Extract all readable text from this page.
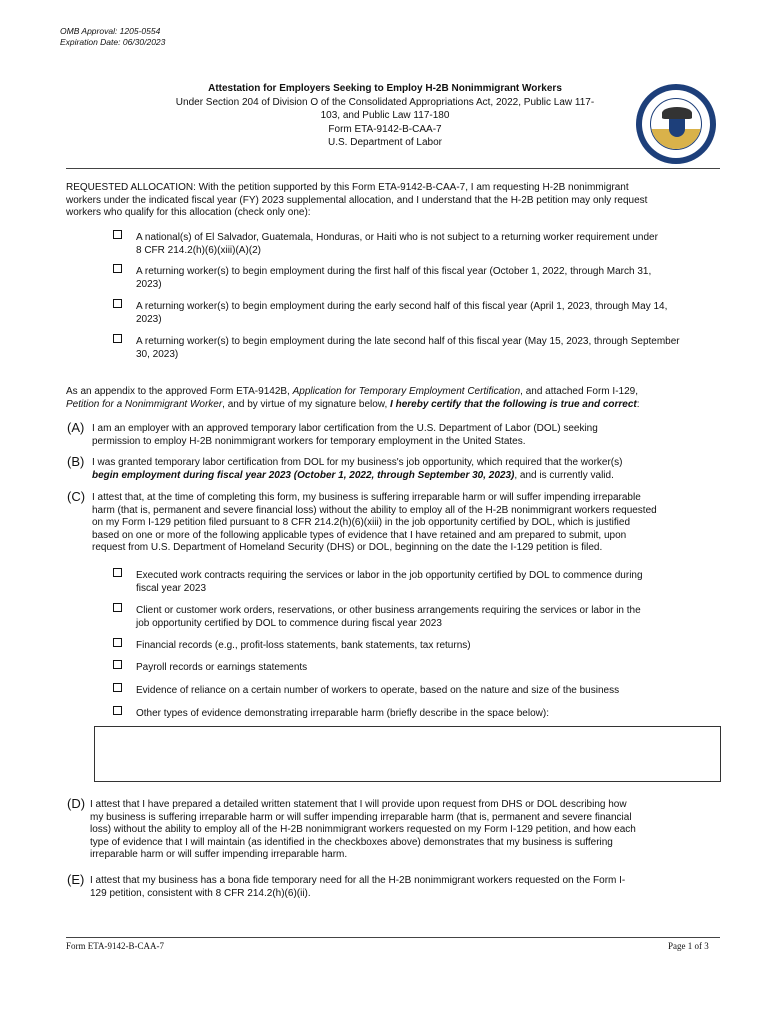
OMB Approval: 1205-0554
Expiration Date: 06/30/2023
Attestation for Employers Seeking to Employ H-2B Nonimmigrant Workers
Under Section 204 of Division O of the Consolidated Appropriations Act, 2022, Public Law 117-
103, and Public Law 117-180
Form ETA-9142-B-CAA-7
U.S. Department of Labor
REQUESTED ALLOCATION: With the petition supported by this Form ETA-9142-B-CAA-7, I am requesting H-2B nonimmigrant
workers under the indicated fiscal year (FY) 2023 supplemental allocation, and I understand that the H-2B petition may only request
workers who qualify for this allocation (check only one):
A national(s) of El Salvador, Guatemala, Honduras, or Haiti who is not subject to a returning worker requirement under
8 CFR 214.2(h)(6)(xiii)(A)(2)
A returning worker(s) to begin employment during the first half of this fiscal year (October 1, 2022, through March 31,
2023)
A returning worker(s) to begin employment during the early second half of this fiscal year (April 1, 2023, through May 14,
2023)
A returning worker(s) to begin employment during the late second half of this fiscal year (May 15, 2023, through September
30, 2023)
As an appendix to the approved Form ETA-9142B, Application for Temporary Employment Certification, and attached Form I-129,
Petition for a Nonimmigrant Worker, and by virtue of my signature below, I hereby certify that the following is true and correct:
(A) I am an employer with an approved temporary labor certification from the U.S. Department of Labor (DOL) seeking
permission to employ H-2B nonimmigrant workers for temporary employment in the United States.
(B) I was granted temporary labor certification from DOL for my business's job opportunity, which required that the worker(s)
begin employment during fiscal year 2023 (October 1, 2022, through September 30, 2023), and is currently valid.
(C) I attest that, at the time of completing this form, my business is suffering irreparable harm or will suffer impending irreparable
harm (that is, permanent and severe financial loss) without the ability to employ all of the H-2B nonimmigrant workers requested
on my Form I-129 petition filed pursuant to 8 CFR 214.2(h)(6)(xiii) in the job opportunity certified by DOL, which is justified
based on one or more of the following applicable types of evidence that I have retained and am prepared to submit, upon
request from U.S. Department of Homeland Security (DHS) or DOL, beginning on the date the I-129 petition is filed.
Executed work contracts requiring the services or labor in the job opportunity certified by DOL to commence during
fiscal year 2023
Client or customer work orders, reservations, or other business arrangements requiring the services or labor in the
job opportunity certified by DOL to commence during fiscal year 2023
Financial records (e.g., profit-loss statements, bank statements, tax returns)
Payroll records or earnings statements
Evidence of reliance on a certain number of workers to operate, based on the nature and size of the business
Other types of evidence demonstrating irreparable harm (briefly describe in the space below):
(D) I attest that I have prepared a detailed written statement that I will provide upon request from DHS or DOL describing how
my business is suffering irreparable harm or will suffer impending irreparable harm (that is, permanent and severe financial
loss) without the ability to employ all of the H-2B nonimmigrant workers requested on my Form I-129 petition, and how each
type of evidence that I will maintain (as identified in the checkboxes above) demonstrates that my business is suffering
irreparable harm or will suffer impending irreparable harm.
(E) I attest that my business has a bona fide temporary need for all the H-2B nonimmigrant workers requested on the Form I-
129 petition, consistent with 8 CFR 214.2(h)(6)(ii).
Form ETA-9142-B-CAA-7	Page 1 of 3
